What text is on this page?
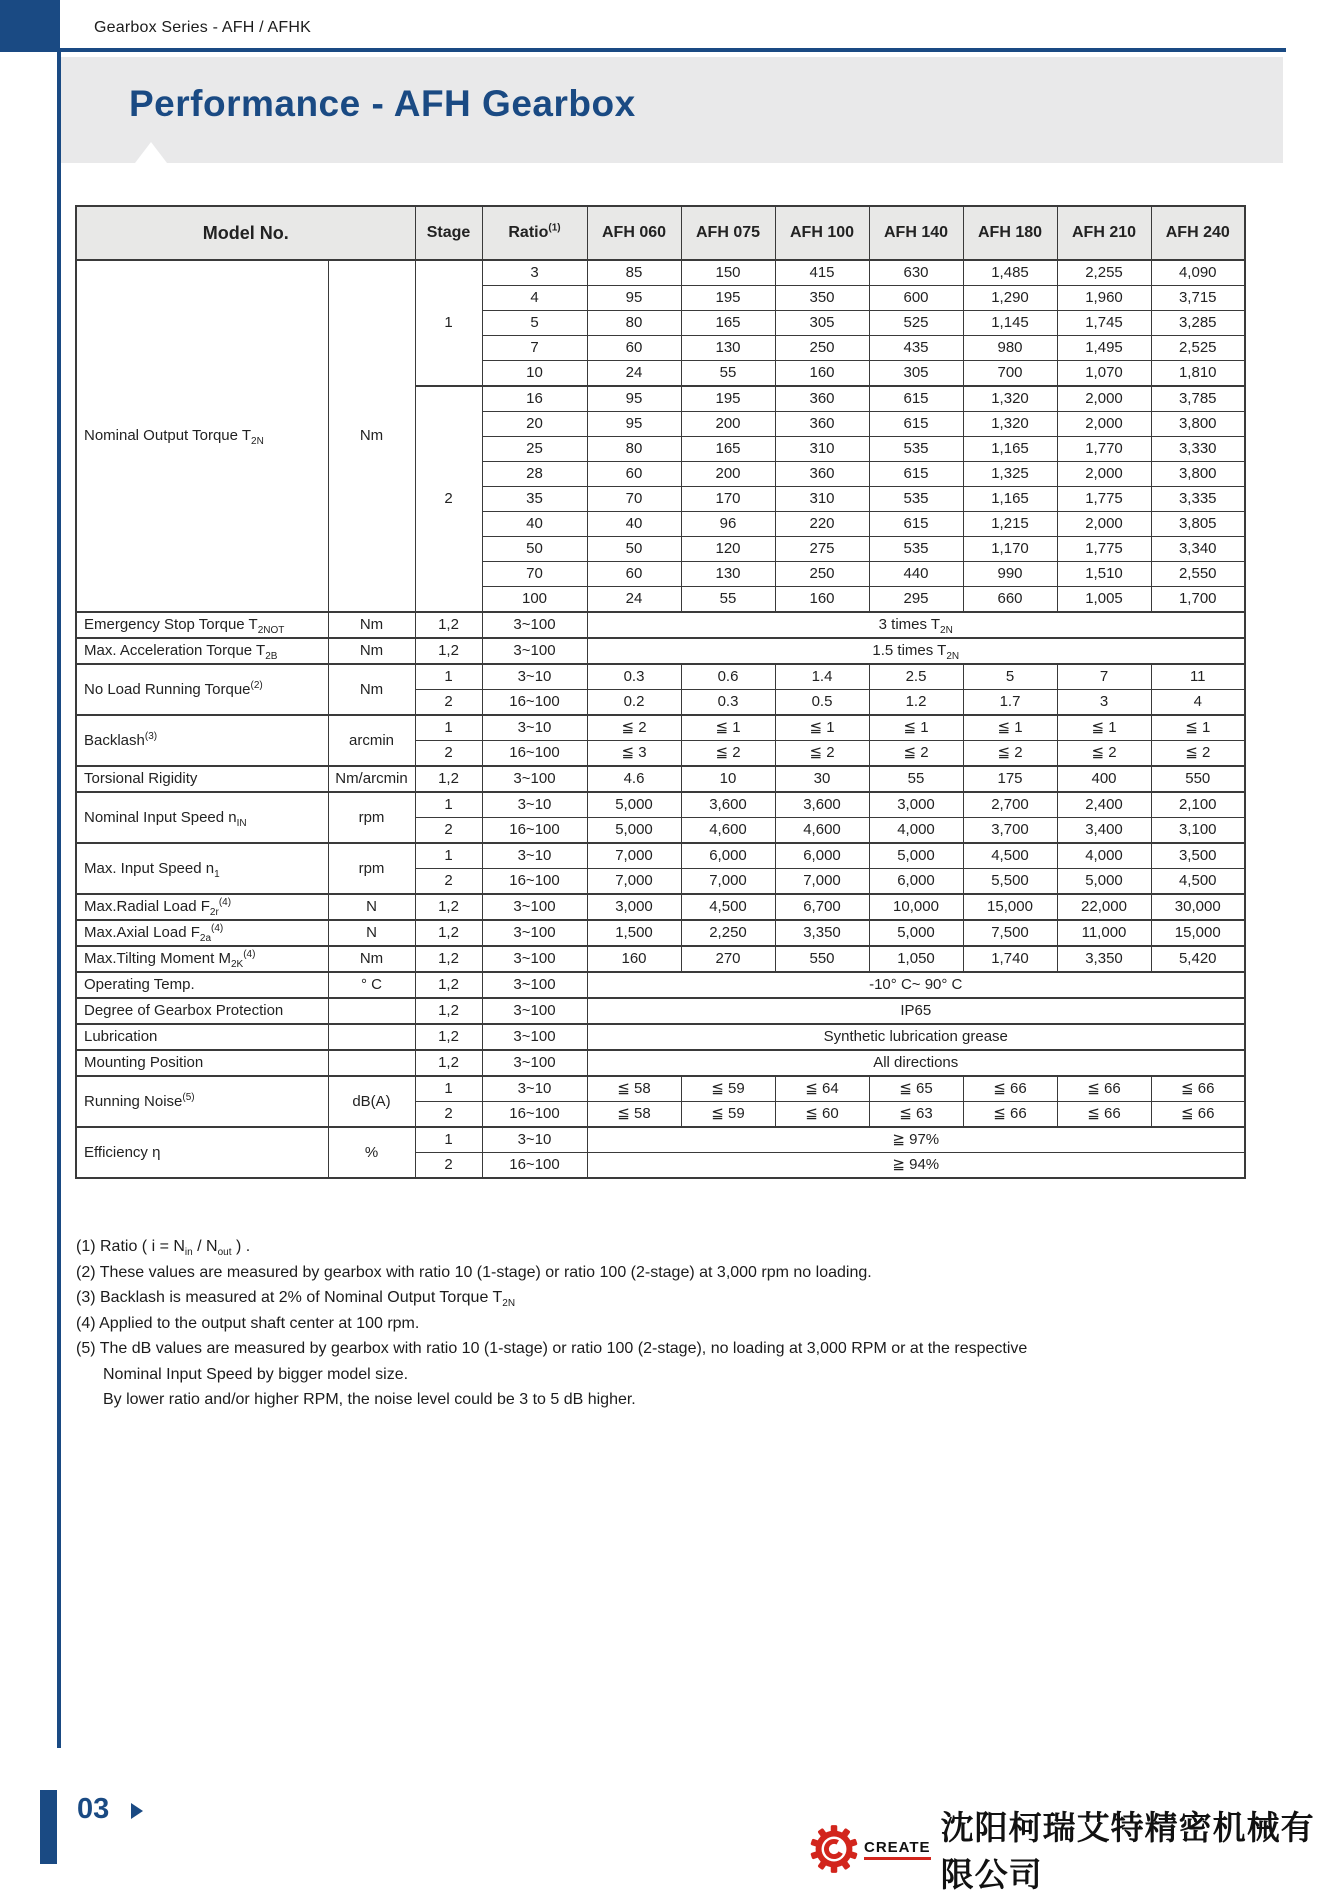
Gearbox Series - AFH / AFHK
Performance - AFH Gearbox
Model No.		Stage	Ratio$^{(1)}$	AFH 060	AFH 075	AFH 100	AFH 140	AFH 180	AFH 210	AFH 240
Nominal Output Torque $T_{2N}$	Nm	1	3	85	150	415	630	1,485	2,255	4,090
			4	95	195	350	600	1,290	1,960	3,715
			5	80	165	305	525	1,145	1,745	3,285
			7	60	130	250	435	980	1,495	2,525
			10	24	55	160	305	700	1,070	1,810
		2	16	95	195	360	615	1,320	2,000	3,785
			20	95	200	360	615	1,320	2,000	3,800
			25	80	165	310	535	1,165	1,770	3,330
			28	60	200	360	615	1,325	2,000	3,800
			35	70	170	310	535	1,165	1,775	3,335
			40	40	96	220	615	1,215	2,000	3,805
			50	50	120	275	535	1,170	1,775	3,340
			70	60	130	250	440	990	1,510	2,550
			100	24	55	160	295	660	1,005	1,700
Emergency Stop Torque $T_{2NOT}$	Nm	1,2	3~100	3 times $T_{2N}$
Max. Acceleration Torque $T_{2B}$	Nm	1,2	3~100	1.5 times $T_{2N}$
No Load Running Torque$^{(2)}$	Nm	1	3~10	0.3	0.6	1.4	2.5	5	7	11
		2	16~100	0.2	0.3	0.5	1.2	1.7	3	4
Backlash$^{(3)}$	arcmin	1	3~10	≦ 2	≦ 1	≦ 1	≦ 1	≦ 1	≦ 1	≦ 1
		2	16~100	≦ 3	≦ 2	≦ 2	≦ 2	≦ 2	≦ 2	≦ 2
Torsional Rigidity	Nm/arcmin	1,2	3~100	4.6	10	30	55	175	400	550
Nominal Input Speed $n_{IN}$	rpm	1	3~10	5,000	3,600	3,600	3,000	2,700	2,400	2,100
		2	16~100	5,000	4,600	4,600	4,000	3,700	3,400	3,100
Max. Input Speed $n_1$	rpm	1	3~10	7,000	6,000	6,000	5,000	4,500	4,000	3,500
		2	16~100	7,000	7,000	7,000	6,000	5,500	5,000	4,500
Max.Radial Load $F_{2r}^{(4)}$	N	1,2	3~100	3,000	4,500	6,700	10,000	15,000	22,000	30,000
Max.Axial Load $F_{2a}^{(4)}$	N	1,2	3~100	1,500	2,250	3,350	5,000	7,500	11,000	15,000
Max.Tilting Moment $M_{2K}^{(4)}$	Nm	1,2	3~100	160	270	550	1,050	1,740	3,350	5,420
Operating Temp.	° C	1,2	3~100	-10° C~ 90° C						
Degree of Gearbox Protection		1,2	3~100	IP65						
Lubrication		1,2	3~100	Synthetic lubrication grease						
Mounting Position		1,2	3~100	All directions						
Running Noise$^{(5)}$	dB(A)	1	3~10	≦ 58	≦ 59	≦ 64	≦ 65	≦ 66	≦ 66	≦ 66
		2	16~100	≦ 58	≦ 59	≦ 60	≦ 63	≦ 66	≦ 66	≦ 66
Efficiency η	%	1	3~10	≧ 97%						
		2	16~100	≧ 94%						
(1) Ratio ( $i = N_{in} / N_{out}$ ) .
(2) These values are measured by gearbox with ratio 10 (1-stage) or ratio 100 (2-stage) at 3,000 rpm no loading.
(3) Backlash is measured at 2% of Nominal Output Torque $T_{2N}$
(4) Applied to the output shaft center at 100 rpm.
(5) The dB values are measured by gearbox with ratio 10 (1-stage) or ratio 100 (2-stage), no loading at 3,000 RPM or at the respective
Nominal Input Speed by bigger model size.
By lower ratio and/or higher RPM, the noise level could be 3 to 5 dB higher.
03
CREATE
沈阳柯瑞艾特精密机械有限公司
